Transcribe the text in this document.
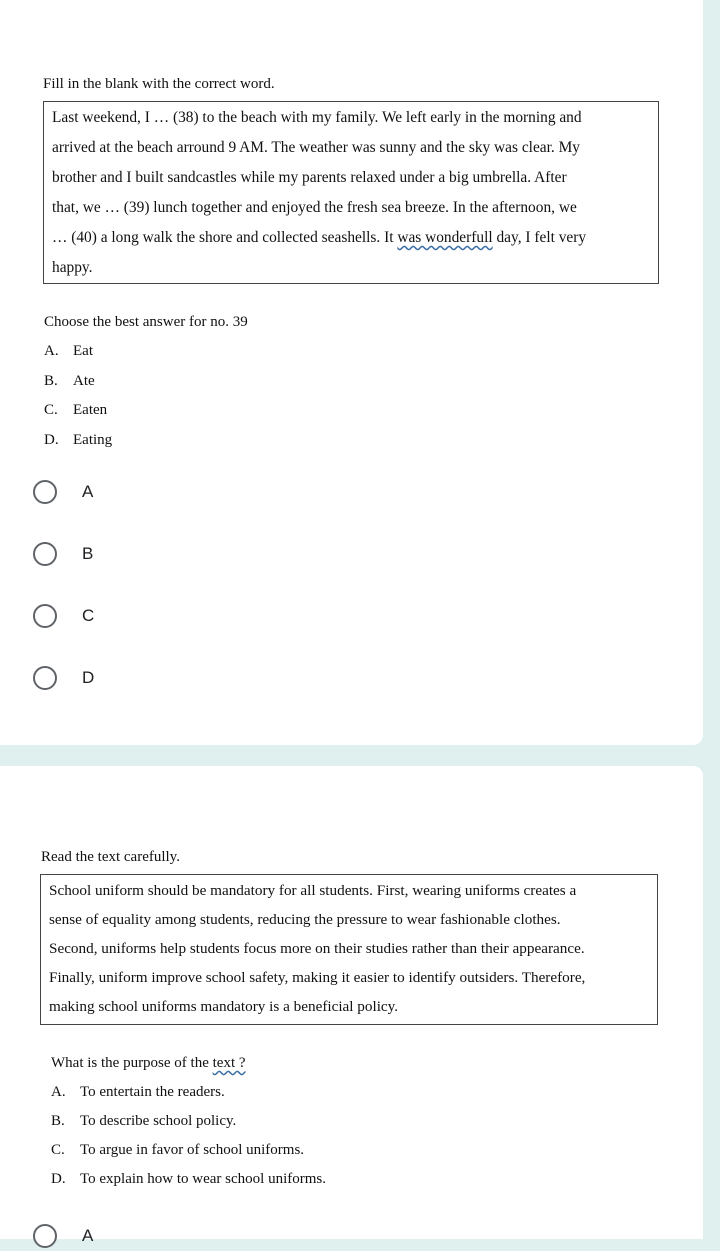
Fill in the blank with the correct word.
Last weekend, I … (38) to the beach with my family. We left early in the morning and
arrived at the beach arround 9 AM. The weather was sunny and the sky was clear. My
brother and I built sandcastles while my parents relaxed under a big umbrella. After
that, we … (39) lunch together and enjoyed the fresh sea breeze. In the afternoon, we
… (40) a long walk the shore and collected seashells. It was wonderfull day, I felt very
happy.
Choose the best answer for no. 39
A. Eat
B. Ate
C. Eaten
D. Eating
A
B
C
D
Read the text carefully.
School uniform should be mandatory for all students. First, wearing uniforms creates a
sense of equality among students, reducing the pressure to wear fashionable clothes.
Second, uniforms help students focus more on their studies rather than their appearance.
Finally, uniform improve school safety, making it easier to identify outsiders. Therefore,
making school uniforms mandatory is a beneficial policy.
What is the purpose of the text ?
A. To entertain the readers.
B. To describe school policy.
C. To argue in favor of school uniforms.
D. To explain how to wear school uniforms.
A
